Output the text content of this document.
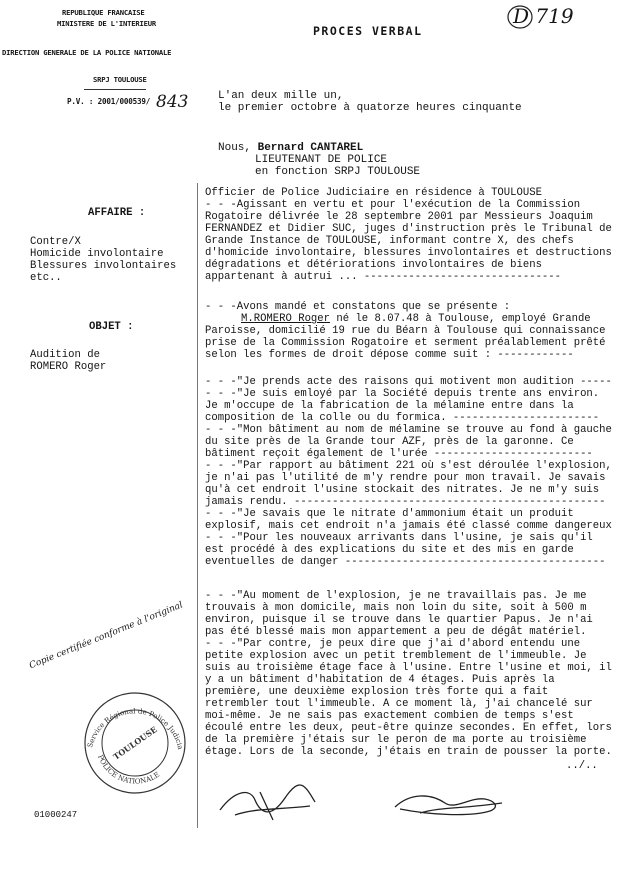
REPUBLIQUE FRANCAISE
MINISTERE DE L'INTERIEUR
DIRECTION GENERALE DE LA POLICE NATIONALE
SRPJ TOULOUSE
P.V. : 2001/000539/ 843
PROCES VERBAL
D 719
L'an deux mille un,
le premier octobre à quatorze heures cinquante
Nous, Bernard CANTAREL
LIEUTENANT DE POLICE
en fonction SRPJ TOULOUSE
AFFAIRE :
Contre/X
Homicide involontaire
Blessures involontaires
etc..
OBJET :
Audition de
ROMERO Roger
Copie certifiée conforme à l'original
Service Régional de Police Judiciaire
POLICE NATIONALE
TOULOUSE
01000247
Officier de Police Judiciaire en résidence à TOULOUSE
- - -Agissant en vertu et pour l'exécution de la Commission
Rogatoire délivrée le 28 septembre 2001 par Messieurs Joaquim
FERNANDEZ et Didier SUC, juges d'instruction près le Tribunal de
Grande Instance de TOULOUSE, informant contre X, des chefs
d'homicide involontaire, blessures involontaires et destructions
dégradations et détériorations involontaires de biens
appartenant à autrui ... -------------------------------
- - -Avons mandé et constatons que se présente :
M.ROMERO Roger né le 8.07.48 à Toulouse, employé Grande
Paroisse, domicilié 19 rue du Béarn à Toulouse qui connaissance
prise de la Commission Rogatoire et serment préalablement prêté
selon les formes de droit dépose comme suit : ------------
- - -"Je prends acte des raisons qui motivent mon audition -----
- - -"Je suis emloyé par la Société depuis trente ans environ.
Je m'occupe de la fabrication de la mélamine entre dans la
composition de la colle ou du formica. -----------------------
- - -"Mon bâtiment au nom de mélamine se trouve au fond à gauche
du site près de la Grande tour AZF, près de la garonne. Ce
bâtiment reçoit également de l'urée -------------------------
- - -"Par rapport au bâtiment 221 où s'est déroulée l'explosion,
je n'ai pas l'utilité de m'y rendre pour mon travail. Je savais
qu'à cet endroit l'usine stockait des nitrates. Je ne m'y suis
jamais rendu. -------------------------------------------------
- - -"Je savais que le nitrate d'ammonium était un produit
explosif, mais cet endroit n'a jamais été classé comme dangereux
- - -"Pour les nouveaux arrivants dans l'usine, je sais qu'il
est procédé à des explications du site et des mis en garde
eventuelles de danger -----------------------------------------
- - -"Au moment de l'explosion, je ne travaillais pas. Je me
trouvais à mon domicile, mais non loin du site, soit à 500 m
environ, puisque il se trouve dans le quartier Papus. Je n'ai
pas été blessé mais mon appartement a peu de dégât matériel.
- - -"Par contre, je peux dire que j'ai d'abord entendu une
petite explosion avec un petit tremblement de l'immeuble. Je
suis au troisième étage face à l'usine. Entre l'usine et moi, il
y a un bâtiment d'habitation de 4 étages. Puis après la
première, une deuxième explosion très forte qui a fait
retrembler tout l'immeuble. A ce moment là, j'ai chancelé sur
moi-même. Je ne sais pas exactement combien de temps s'est
écoulé entre les deux, peut-être quinze secondes. En effet, lors
de la première j'étais sur le peron de ma porte au troisième
étage. Lors de la seconde, j'étais en train de pousser la porte.
../..
